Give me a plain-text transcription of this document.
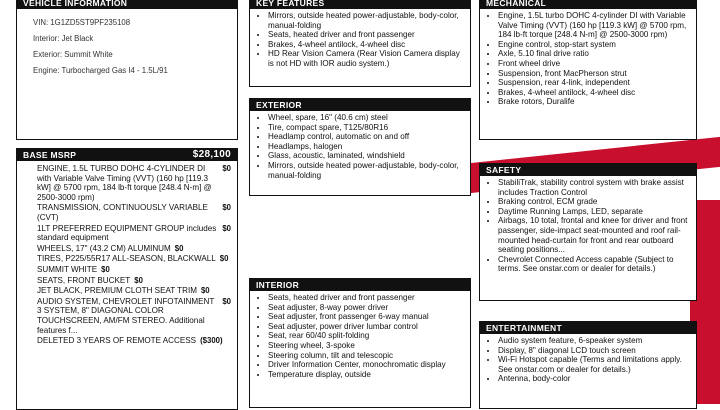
VEHICLE INFORMATION
VIN: 1G1ZD5ST9PF235108
Interior: Jet Black
Exterior: Summit White
Engine: Turbocharged Gas I4 - 1.5L/91
BASE MSRP	$28,100
ENGINE, 1.5L TURBO DOHC 4-CYLINDER DI with Variable Valve Timing (VVT) (160 hp [119.3 kW] @ 5700 rpm, 184 lb-ft torque [248.4 N-m] @ 2500-3000 rpm)
$0
TRANSMISSION, CONTINUOUSLY VARIABLE (CVT)
$0
1LT PREFERRED EQUIPMENT GROUP includes standard equipment
$0
WHEELS, 17" (43.2 CM) ALUMINUM $0
TIRES, P225/55R17 ALL-SEASON, BLACKWALL $0
SUMMIT WHITE $0
SEATS, FRONT BUCKET $0
JET BLACK, PREMIUM CLOTH SEAT TRIM $0
AUDIO SYSTEM, CHEVROLET INFOTAINMENT 3 SYSTEM, 8" DIAGONAL COLOR TOUCHSCREEN, AM/FM STEREO. Additional features f...
$0
DELETED 3 YEARS OF REMOTE ACCESS ($300)
KEY FEATURES
• Mirrors, outside heated power-adjustable, body-color, manual-folding
• Seats, heated driver and front passenger
• Brakes, 4-wheel antilock, 4-wheel disc
• HD Rear Vision Camera (Rear Vision Camera display is not HD with IOR audio system.)
EXTERIOR
• Wheel, spare, 16" (40.6 cm) steel
• Tire, compact spare, T125/80R16
• Headlamp control, automatic on and off
• Headlamps, halogen
• Glass, acoustic, laminated, windshield
• Mirrors, outside heated power-adjustable, body-color, manual-folding
INTERIOR
• Seats, heated driver and front passenger
• Seat adjuster, 8-way power driver
• Seat adjuster, front passenger 6-way manual
• Seat adjuster, power driver lumbar control
• Seat, rear 60/40 split-folding
• Steering wheel, 3-spoke
• Steering column, tilt and telescopic
• Driver Information Center, monochromatic display
• Temperature display, outside
MECHANICAL
• Engine, 1.5L turbo DOHC 4-cylinder DI with Variable Valve Timing (VVT) (160 hp [119.3 kW] @ 5700 rpm, 184 lb-ft torque [248.4 N-m] @ 2500-3000 rpm)
• Engine control, stop-start system
• Axle, 5.10 final drive ratio
• Front wheel drive
• Suspension, front MacPherson strut
• Suspension, rear 4-link, independent
• Brakes, 4-wheel antilock, 4-wheel disc
• Brake rotors, Duralife
SAFETY
• StabiliTrak, stability control system with brake assist includes Traction Control
• Braking control, ECM grade
• Daytime Running Lamps, LED, separate
• Airbags, 10 total, frontal and knee for driver and front passenger, side-impact seat-mounted and roof rail-mounted head-curtain for front and rear outboard seating positions...
• Chevrolet Connected Access capable (Subject to terms. See onstar.com or dealer for details.)
ENTERTAINMENT
• Audio system feature, 6-speaker system
• Display, 8" diagonal LCD touch screen
• Wi-Fi Hotspot capable (Terms and limitations apply. See onstar.com or dealer for details.)
• Antenna, body-color
